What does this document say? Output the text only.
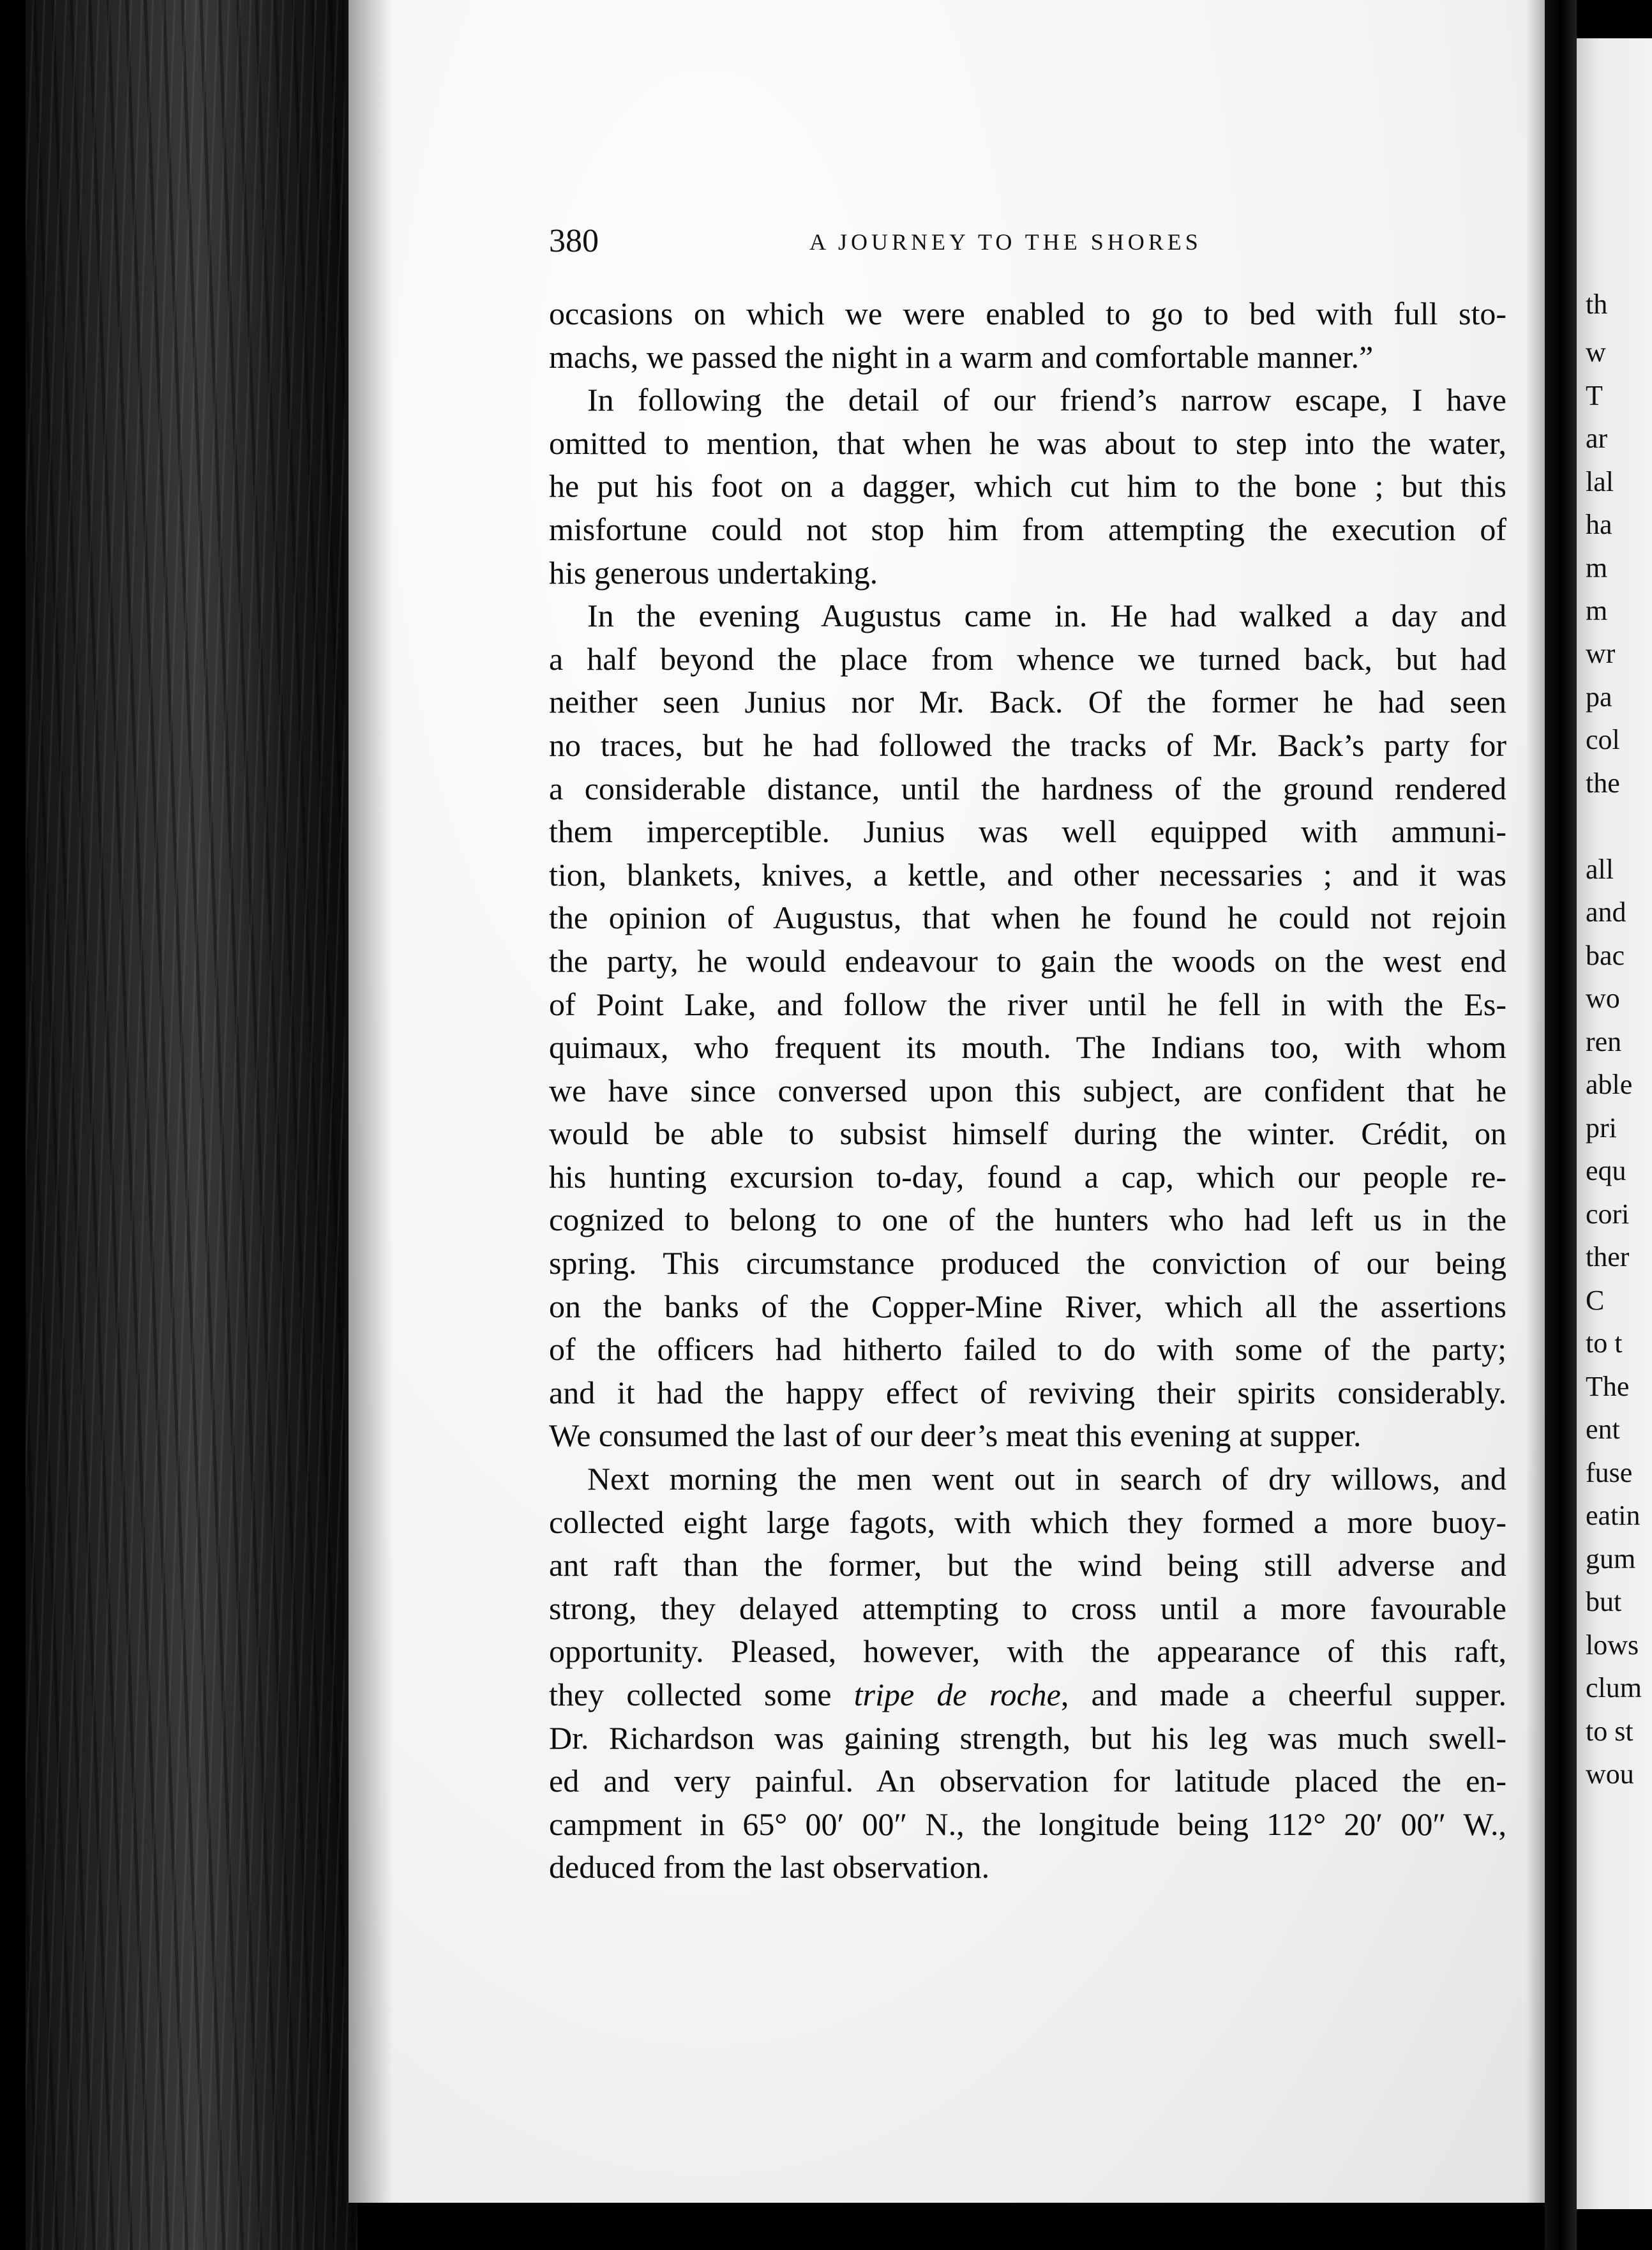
380	A JOURNEY TO THE SHORES
occasions on which we were enabled to go to bed with full sto-
machs, we passed the night in a warm and comfortable manner.”
In following the detail of our friend’s narrow escape, I have
omitted to mention, that when he was about to step into the water,
he put his foot on a dagger, which cut him to the bone ; but this
misfortune could not stop him from attempting the execution of
his generous undertaking.
In the evening Augustus came in. He had walked a day and
a half beyond the place from whence we turned back, but had
neither seen Junius nor Mr. Back. Of the former he had seen
no traces, but he had followed the tracks of Mr. Back’s party for
a considerable distance, until the hardness of the ground rendered
them imperceptible. Junius was well equipped with ammuni-
tion, blankets, knives, a kettle, and other necessaries ; and it was
the opinion of Augustus, that when he found he could not rejoin
the party, he would endeavour to gain the woods on the west end
of Point Lake, and follow the river until he fell in with the Es-
quimaux, who frequent its mouth. The Indians too, with whom
we have since conversed upon this subject, are confident that he
would be able to subsist himself during the winter. Crédit, on
his hunting excursion to-day, found a cap, which our people re-
cognized to belong to one of the hunters who had left us in the
spring. This circumstance produced the conviction of our being
on the banks of the Copper-Mine River, which all the assertions
of the officers had hitherto failed to do with some of the party;
and it had the happy effect of reviving their spirits considerably.
We consumed the last of our deer’s meat this evening at supper.
Next morning the men went out in search of dry willows, and
collected eight large fagots, with which they formed a more buoy-
ant raft than the former, but the wind being still adverse and
strong, they delayed attempting to cross until a more favourable
opportunity. Pleased, however, with the appearance of this raft,
they collected some tripe de roche, and made a cheerful supper.
Dr. Richardson was gaining strength, but his leg was much swell-
ed and very painful. An observation for latitude placed the en-
campment in 65° 00′ 00″ N., the longitude being 112° 20′ 00″ W.,
deduced from the last observation.
th
w
T
ar
lal
ha
m
m
wr
pa
col
the
all
and
bac
wo
ren
able
pri
equ
cori
ther
C
to t
The
ent
fuse
eatin
gum
but
lows
clum
to st
wou
